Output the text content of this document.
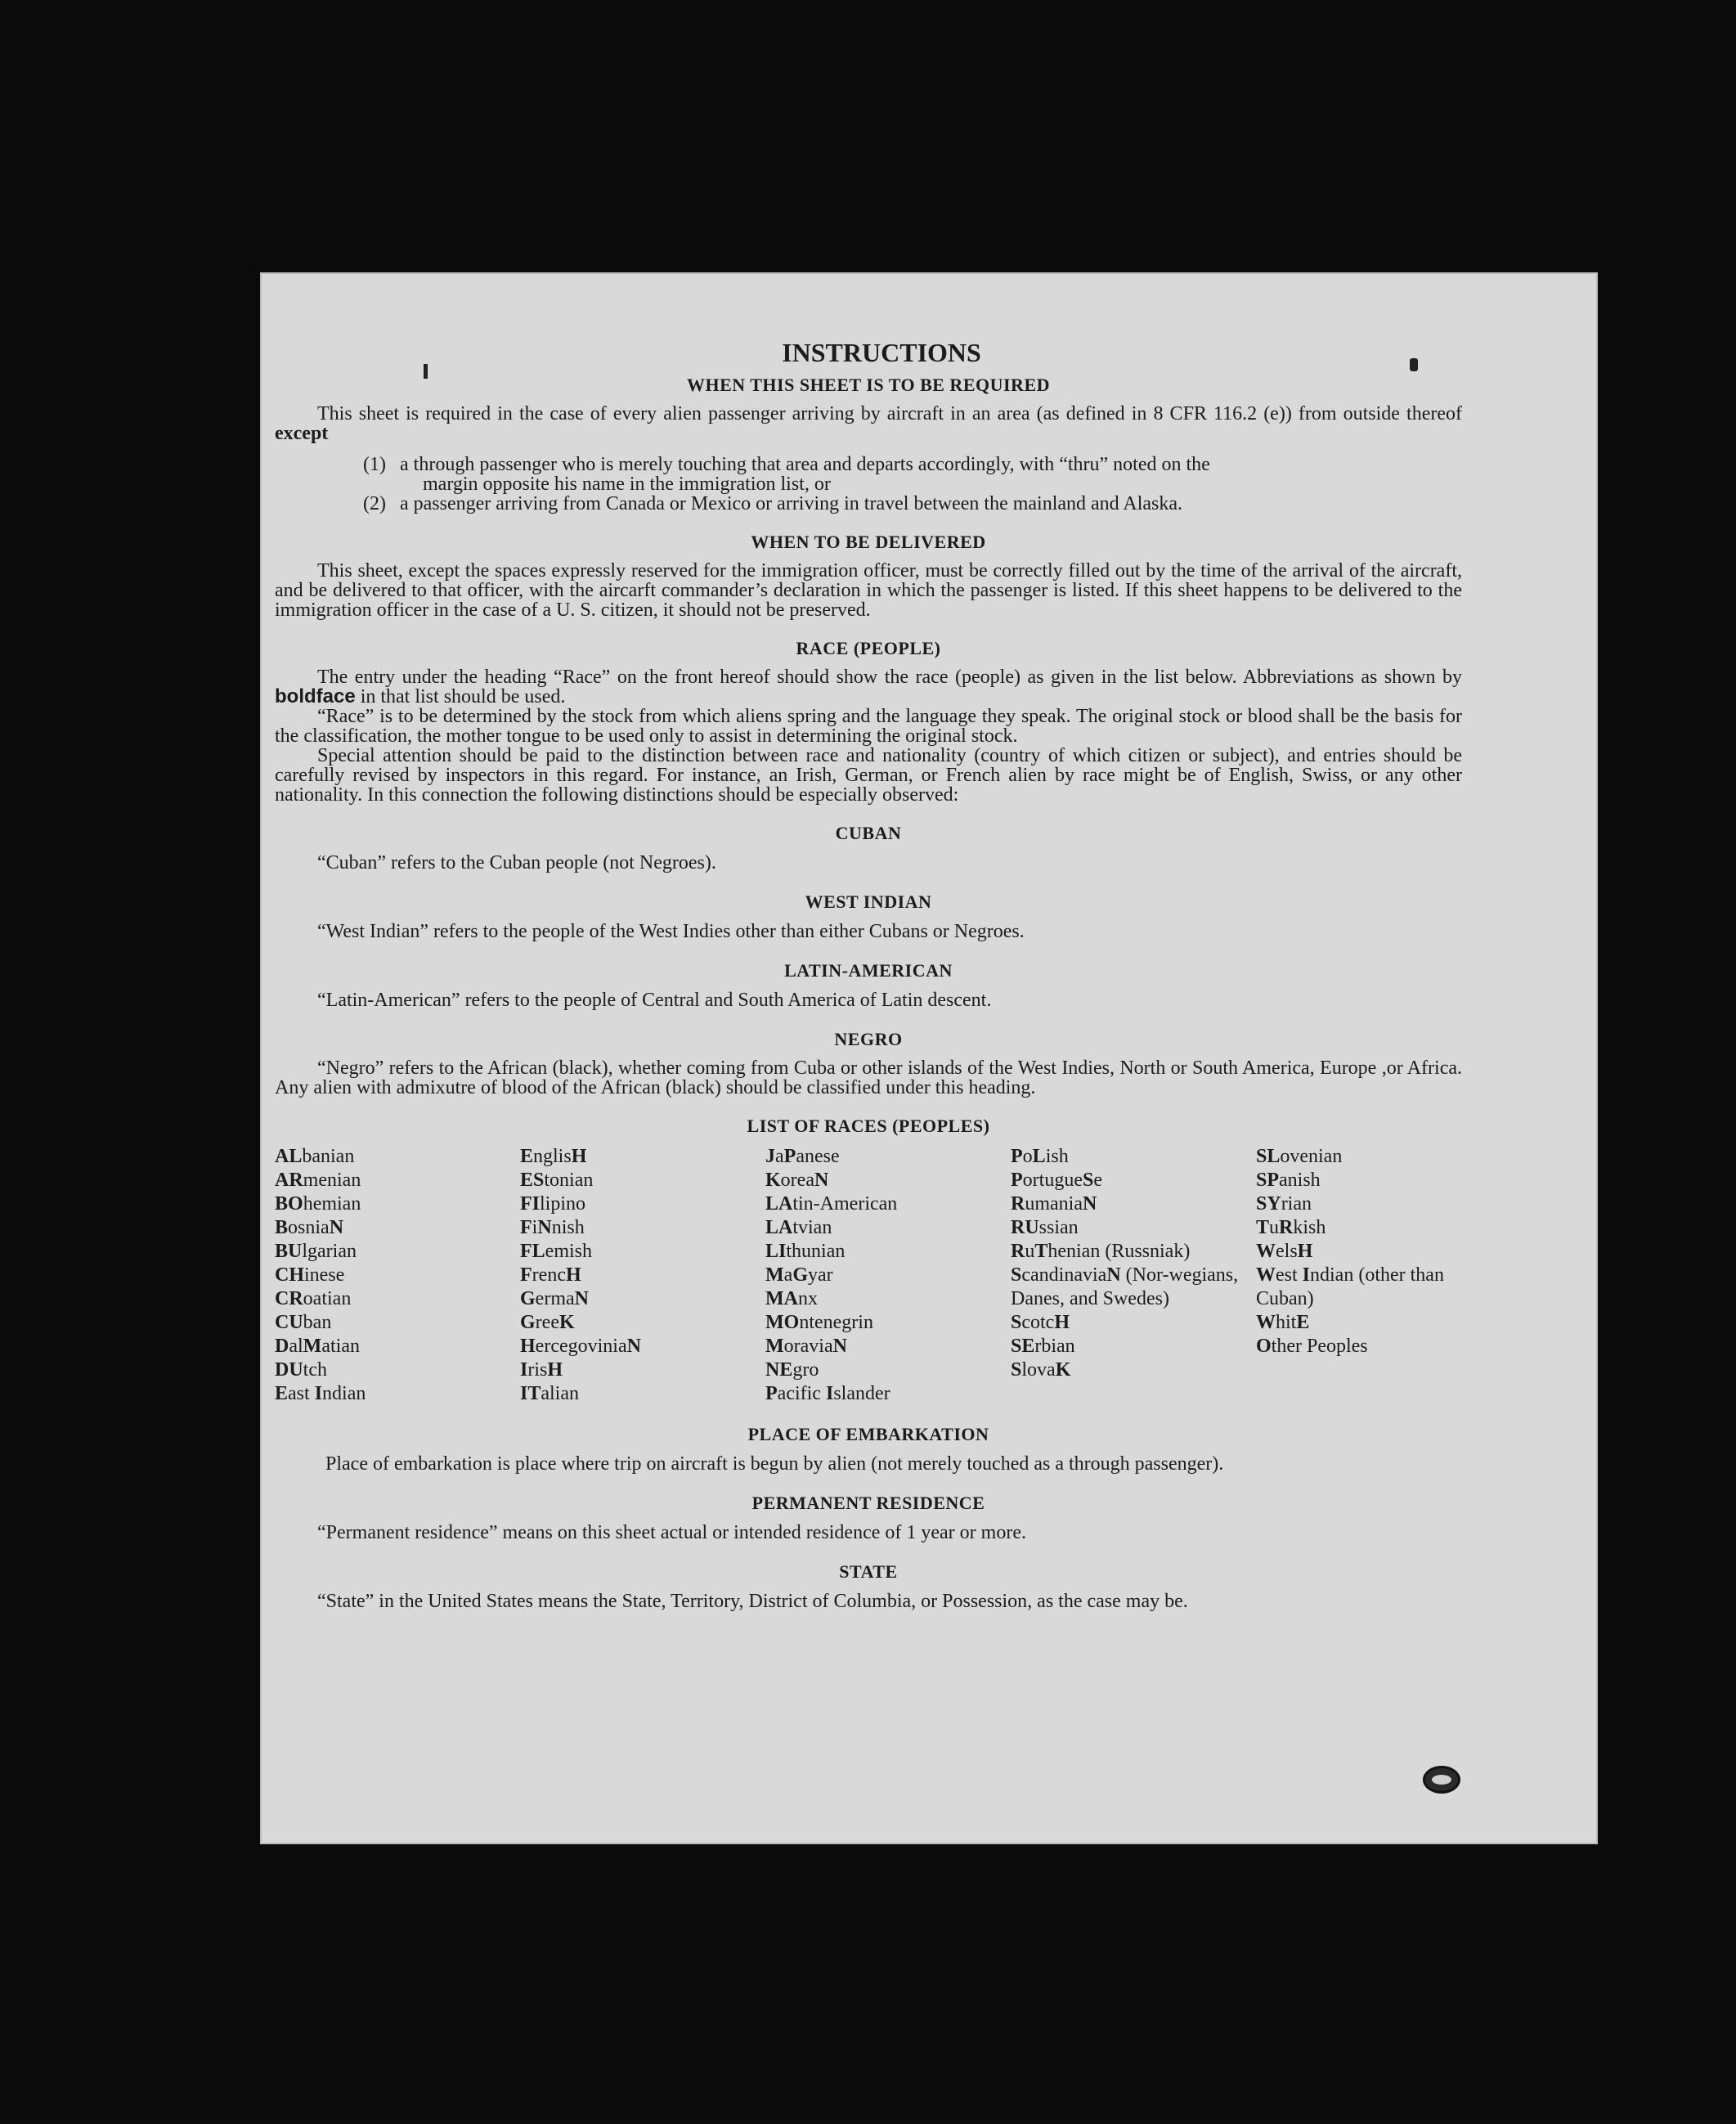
INSTRUCTIONS
WHEN THIS SHEET IS TO BE REQUIRED

This sheet is required in the case of every alien passenger arriving by aircraft in an area (as defined in 8 CFR 116.2 (e)) from outside thereof except

(1) a through passenger who is merely touching that area and departs accordingly, with “thru” noted on the
margin opposite his name in the immigration list, or
(2) a passenger arriving from Canada or Mexico or arriving in travel between the mainland and Alaska.
WHEN TO BE DELIVERED

This sheet, except the spaces expressly reserved for the immigration officer, must be correctly filled out by the time of the arrival of the aircraft, and be delivered to that officer, with the aircarft commander’s declaration in which the passenger is listed. If this sheet happens to be delivered to the immigration officer in the case of a U. S. citizen, it should not be preserved.

RACE (PEOPLE)

The entry under the heading “Race” on the front hereof should show the race (people) as given in the list below. Abbreviations as shown by boldface in that list should be used.

“Race” is to be determined by the stock from which aliens spring and the language they speak. The original stock or blood shall be the basis for the classification, the mother tongue to be used only to assist in determining the original stock.

Special attention should be paid to the distinction between race and nationality (country of which citizen or subject), and entries should be carefully revised by inspectors in this regard. For instance, an Irish, German, or French alien by race might be of English, Swiss, or any other nationality. In this connection the following distinctions should be especially observed:

CUBAN
“Cuban” refers to the Cuban people (not Negroes).
WEST INDIAN
“West Indian” refers to the people of the West Indies other than either Cubans or Negroes.
LATIN-AMERICAN
“Latin-American” refers to the people of Central and South America of Latin descent.
NEGRO

“Negro” refers to the African (black), whether coming from Cuba or other islands of the West Indies, North or South America, Europe ,or Africa. Any alien with admixutre of blood of the African (black) should be classified under this heading.

LIST OF RACES (PEOPLES)
ALbanian
ARmenian
BOhemian
BosniaN
BUlgarian
CHinese
CRoatian
CUban
DalMatian
DUtch
East Indian
EnglisH
EStonian
FIlipino
FiNnish
FLemish
FrencH
GermaN
GreeK
HercegoviniaN
IrisH
ITalian
JaPanese
KoreaN
LAtin-American
LAtvian
LIthunian
MaGyar
MAnx
MOntenegrin
MoraviaN
NEgro
Pacific Islander
PoLish
PortugueSe
RumaniaN
RUssian
RuThenian (Russniak)
ScandinaviaN (Nor-wegians, Danes, and Swedes)
ScotcH
SErbian
SlovaK
SLovenian
SPanish
SYrian
TuRkish
WelsH
West Indian (other than Cuban)
WhitE
Other Peoples
PLACE OF EMBARKATION
Place of embarkation is place where trip on aircraft is begun by alien (not merely touched as a through passenger).
PERMANENT RESIDENCE
“Permanent residence” means on this sheet actual or intended residence of 1 year or more.
STATE
“State” in the United States means the State, Territory, District of Columbia, or Possession, as the case may be.
